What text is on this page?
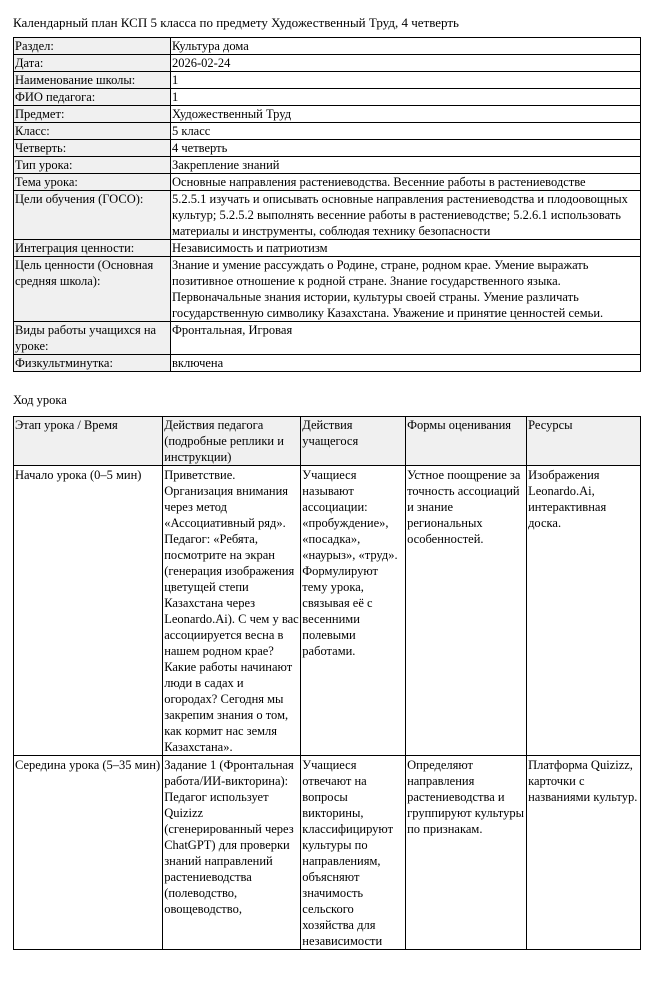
Календарный план КСП 5 класса по предмету Художественный Труд, 4 четверть
Раздел:	Культура дома
Дата:	2026-02-24
Наименование школы:	1
ФИО педагога:	1
Предмет:	Художественный Труд
Класс:	5 класс
Четверть:	4 четверть
Тип урока:	Закрепление знаний
Тема урока:	Основные направления растениеводства. Весенние работы в растениеводстве
Цели обучения (ГОСО):	5.2.5.1 изучать и описывать основные направления растениеводства и плодоовощных культур; 5.2.5.2 выполнять весенние работы в растениеводстве; 5.2.6.1 использовать материалы и инструменты, соблюдая технику безопасности
Интеграция ценности:	Независимость и патриотизм
Цель ценности (Основная средняя школа):	Знание и умение рассуждать о Родине, стране, родном крае. Умение выражать позитивное отношение к родной стране. Знание государственного языка. Первоначальные знания истории, культуры своей страны. Умение различать государственную символику Казахстана. Уважение и принятие ценностей семьи.
Виды работы учащихся на уроке:	Фронтальная, Игровая
Физкультминутка:	включена
Ход урока
Этап урока / Время	Действия педагога (подробные реплики и инструкции)	Действия учащегося	Формы оценивания	Ресурсы
Начало урока (0–5 мин)	Приветствие. Организация внимания через метод «Ассоциативный ряд». Педагог: «Ребята, посмотрите на экран (генерация изображения цветущей степи Казахстана через Leonardo.Ai). С чем у вас ассоциируется весна в нашем родном крае? Какие работы начинают люди в садах и огородах? Сегодня мы закрепим знания о том, как кормит нас земля Казахстана».	Учащиеся называют ассоциации: «пробуждение», «посадка», «наурыз», «труд». Формулируют тему урока, связывая её с весенними полевыми работами.	Устное поощрение за точность ассоциаций и знание региональных особенностей.	Изображения Leonardo.Ai, интерактивная доска.
Середина урока (5–35 мин)	Задание 1 (Фронтальная работа/ИИ-викторина): Педагог использует Quizizz (сгенерированный через ChatGPT) для проверки знаний направлений растениеводства (полеводство, овощеводство,	Учащиеся отвечают на вопросы викторины, классифицируют культуры по направлениям, объясняют значимость сельского хозяйства для независимости	Определяют направления растениеводства и группируют культуры по признакам.	Платформа Quizizz, карточки с названиями культур.
